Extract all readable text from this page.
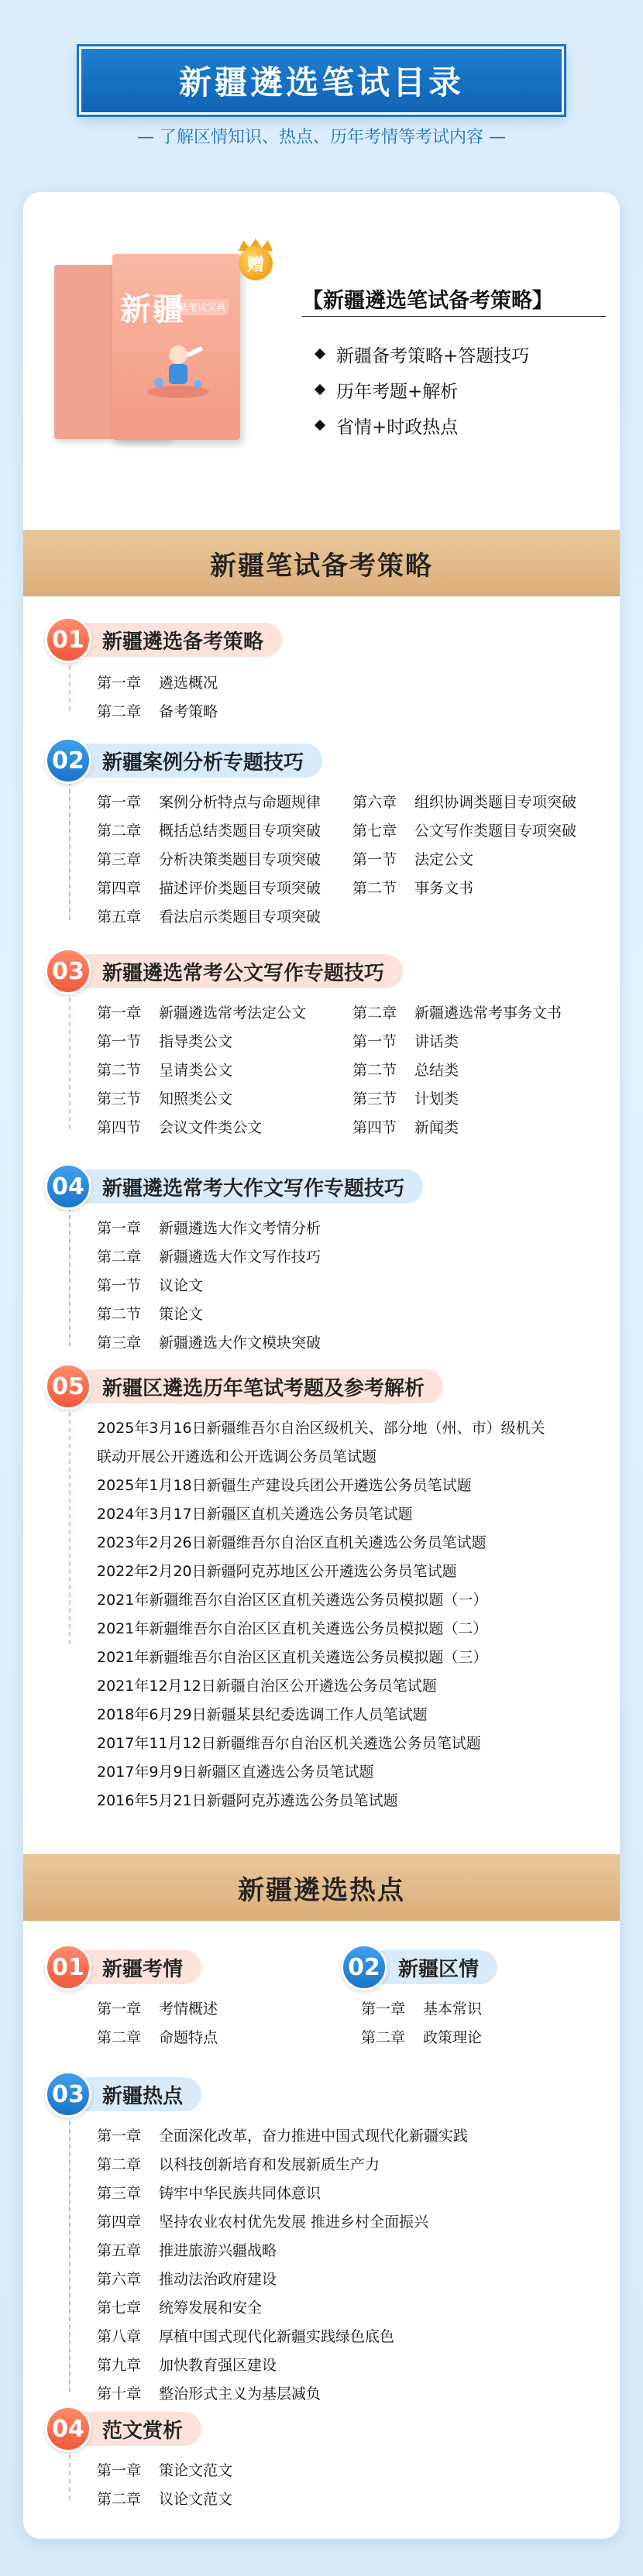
新疆遴选笔试目录
— 了解区情知识、热点、历年考情等考试内容 —
新疆
遴选笔试宝典
赠
【新疆遴选笔试备考策略】
新疆备考策略+答题技巧
历年考题+解析
省情+时政热点
新疆笔试备考策略
01 新疆遴选备考策略
第一章	遴选概况
第二章	备考策略
02 新疆案例分析专题技巧
第一章	案例分析特点与命题规律
第二章	概括总结类题目专项突破
第三章	分析决策类题目专项突破
第四章	描述评价类题目专项突破
第五章	看法启示类题目专项突破
第六章	组织协调类题目专项突破
第七章	公文写作类题目专项突破
第一节	法定公文
第二节	事务文书
03 新疆遴选常考公文写作专题技巧
第一章	新疆遴选常考法定公文
第一节	指导类公文
第二节	呈请类公文
第三节	知照类公文
第四节	会议文件类公文
第二章	新疆遴选常考事务文书
第一节	讲话类
第二节	总结类
第三节	计划类
第四节	新闻类
04 新疆遴选常考大作文写作专题技巧
第一章	新疆遴选大作文考情分析
第二章	新疆遴选大作文写作技巧
第一节	议论文
第二节	策论文
第三章	新疆遴选大作文模块突破
05 新疆区遴选历年笔试考题及参考解析
2025年3月16日新疆维吾尔自治区级机关、部分地（州、市）级机关
联动开展公开遴选和公开选调公务员笔试题
2025年1月18日新疆生产建设兵团公开遴选公务员笔试题
2024年3月17日新疆区直机关遴选公务员笔试题
2023年2月26日新疆维吾尔自治区直机关遴选公务员笔试题
2022年2月20日新疆阿克苏地区公开遴选公务员笔试题
2021年新疆维吾尔自治区区直机关遴选公务员模拟题（一）
2021年新疆维吾尔自治区区直机关遴选公务员模拟题（二）
2021年新疆维吾尔自治区区直机关遴选公务员模拟题（三）
2021年12月12日新疆自治区公开遴选公务员笔试题
2018年6月29日新疆某县纪委选调工作人员笔试题
2017年11月12日新疆维吾尔自治区机关遴选公务员笔试题
2017年9月9日新疆区直遴选公务员笔试题
2016年5月21日新疆阿克苏遴选公务员笔试题
新疆遴选热点
01 新疆考情
第一章	考情概述
第二章	命题特点
02 新疆区情
第一章	基本常识
第二章	政策理论
03 新疆热点
第一章	全面深化改革，奋力推进中国式现代化新疆实践
第二章	以科技创新培育和发展新质生产力
第三章	铸牢中华民族共同体意识
第四章	坚持农业农村优先发展 推进乡村全面振兴
第五章	推进旅游兴疆战略
第六章	推动法治政府建设
第七章	统筹发展和安全
第八章	厚植中国式现代化新疆实践绿色底色
第九章	加快教育强区建设
第十章	整治形式主义为基层减负
04 范文赏析
第一章	策论文范文
第二章	议论文范文
